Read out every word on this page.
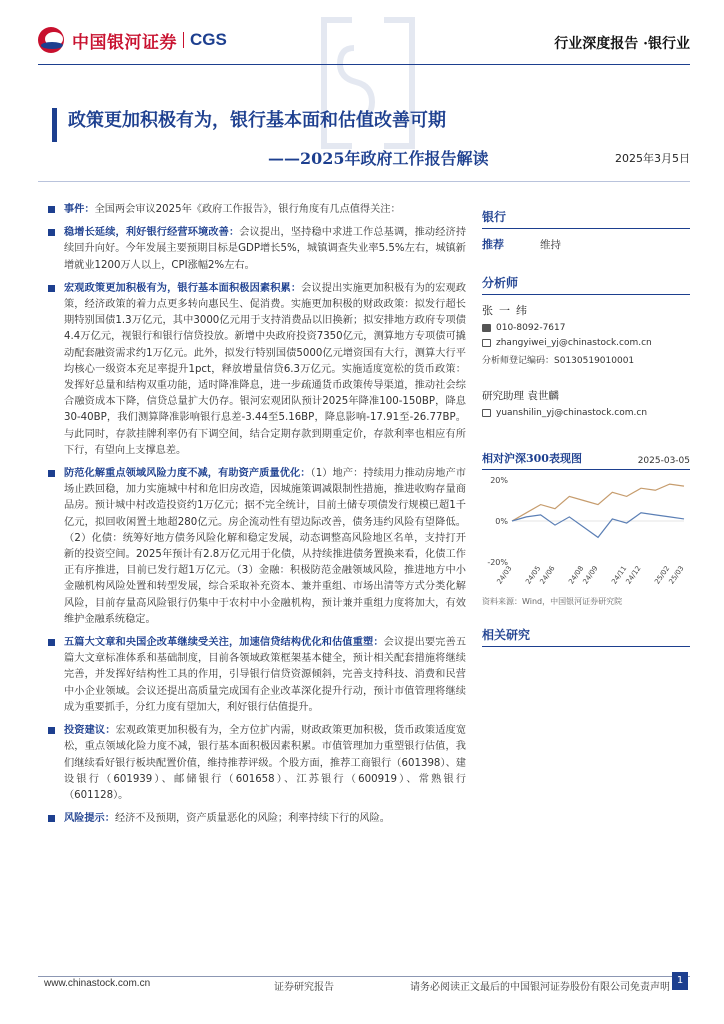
中国银河证券 CGS	行业深度报告 ·银行业
政策更加积极有为，银行基本面和估值改善可期
——2025年政府工作报告解读	2025年3月5日
事件：全国两会审议2025年《政府工作报告》，银行角度有几点值得关注：
稳增长延续，利好银行经营环境改善：会议提出，坚持稳中求进工作总基调，推动经济持续回升向好。今年发展主要预期目标是GDP增长5%，城镇调查失业率5.5%左右，城镇新增就业1200万人以上，CPI涨幅2%左右。
宏观政策更加积极有为，银行基本面积极因素积累：会议提出实施更加积极有为的宏观政策，经济政策的着力点更多转向惠民生、促消费。实施更加积极的财政政策：拟发行超长期特别国债1.3万亿元，其中3000亿元用于支持消费品以旧换新；拟安排地方政府专项债4.4万亿元，视银行和银行信贷投放。新增中央政府投资7350亿元，测算地方专项债可撬动配套融资需求约1万亿元。此外，拟发行特别国债5000亿元增资国有大行，测算大行平均核心一级资本充足率提升1pct，释放增量信贷6.3万亿元。实施适度宽松的货币政策：发挥好总量和结构双重功能，适时降准降息，进一步疏通货币政策传导渠道，推动社会综合融资成本下降，信贷总量扩大仍存。银河宏观团队预计2025年降准100-150BP，降息30-40BP，我们测算降准影响银行息差-3.44至5.16BP，降息影响-17.91至-26.77BP。与此同时，存款挂牌利率仍有下调空间，结合定期存款到期重定价，存款利率也相应有所下行，有望向上支撑息差。
防范化解重点领域风险力度不减，有助资产质量优化：（1）地产：持续用力推动房地产市场止跌回稳，加力实施城中村和危旧房改造，因城施策调减限制性措施，推进收购存量商品房。预计城中村改造投资约1万亿元；据不完全统计，目前土储专项债发行规模已超1千亿元，拟回收闲置土地超280亿元。房企流动性有望边际改善，债务违约风险有望降低。（2）化债：统筹好地方债务风险化解和稳定发展，动态调整高风险地区名单，支持打开新的投资空间。2025年预计有2.8万亿元用于化债，从持续推进债务置换来看，化债工作正有序推进，目前已发行超1万亿元。（3）金融：积极防范金融领域风险，推进地方中小金融机构风险处置和转型发展，综合采取补充资本、兼并重组、市场出清等方式分类化解风险，目前存量高风险银行仍集中于农村中小金融机构，预计兼并重组力度将加大，有效维护金融系统稳定。
五篇大文章和央国企改革继续受关注，加速信贷结构优化和估值重塑：会议提出要完善五篇大文章标准体系和基础制度，目前各领域政策框架基本健全，预计相关配套措施将继续完善，并发挥好结构性工具的作用，引导银行信贷资源倾斜，完善支持科技、消费和民营中小企业领域。会议还提出高质量完成国有企业改革深化提升行动，预计市值管理将继续成为重要抓手，分红力度有望加大，利好银行估值提升。
投资建议：宏观政策更加积极有为，全方位扩内需，财政政策更加积极，货币政策适度宽松，重点领域化险力度不减，银行基本面积极因素积累。市值管理加力重塑银行估值，我们继续看好银行板块配置价值，维持推荐评级。个股方面，推荐工商银行（601398）、建设银行（601939）、邮储银行（601658）、江苏银行（600919）、常熟银行（601128）。
风险提示：经济不及预期，资产质量恶化的风险；利率持续下行的风险。
银行
推荐	维持
分析师
张一纬
010-8092-7617
zhangyiwei_yj@chinastock.com.cn
分析师登记编码：S0130519010001
研究助理 袁世麟
yuanshilin_yj@chinastock.com.cn
相对沪深300表现图	2025-03-05
20%
0%
-20%
24/03 24/05
24/06 24/08
24/09 24/11
24/12 25/02
25/03
资料来源：Wind，中国银河证券研究院
相关研究
www.chinastock.com.cn	证券研究报告	请务必阅读正文最后的中国银河证券股份有限公司免责声明
1
